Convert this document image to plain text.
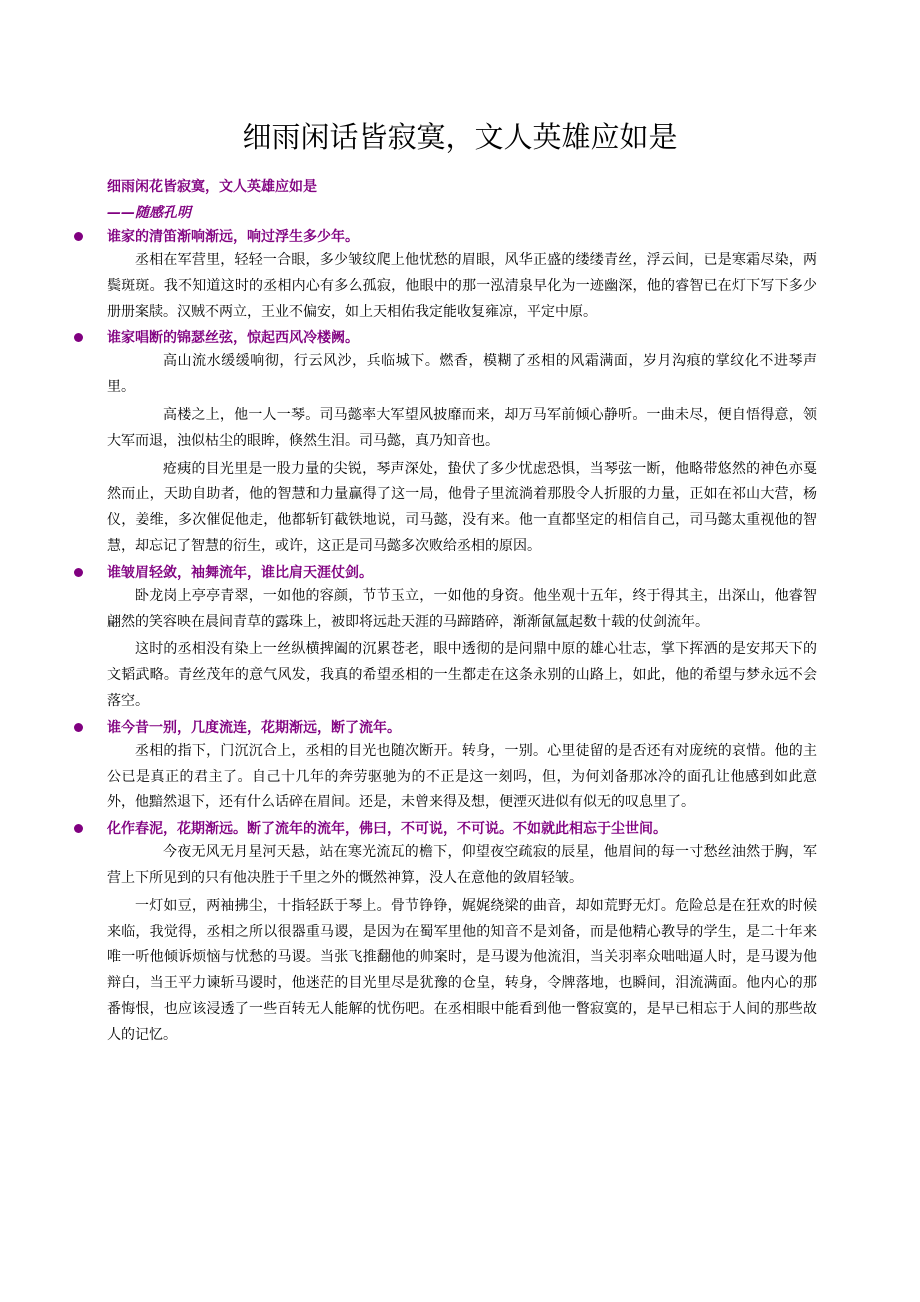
细雨闲话皆寂寞，文人英雄应如是
细雨闲花皆寂寞，文人英雄应如是
——随感孔明
谁家的清笛渐响渐远，响过浮生多少年。

丞相在军营里，轻轻一合眼，多少皱纹爬上他忧愁的眉眼，风华正盛的缕缕青丝，浮云间，已是寒霜尽染，两鬓斑斑。我不知道这时的丞相内心有多么孤寂，他眼中的那一泓清泉早化为一迹幽深，他的睿智已在灯下写下多少册册案牍。汉贼不两立，王业不偏安，如上天相佑我定能收复雍凉，平定中原。

谁家唱断的锦瑟丝弦，惊起西风冷楼阙。

高山流水缓缓响彻，行云风沙，兵临城下。燃香，模糊了丞相的风霜满面，岁月沟痕的掌纹化不进琴声里。

高楼之上，他一人一琴。司马懿率大军望风披靡而来，却万马军前倾心静听。一曲未尽，便自悟得意，领大军而退，浊似枯尘的眼眸，倏然生泪。司马懿，真乃知音也。

疮痍的目光里是一股力量的尖锐，琴声深处，蛰伏了多少忧虑恐惧，当琴弦一断，他略带悠然的神色亦戛然而止，天助自助者，他的智慧和力量赢得了这一局，他骨子里流淌着那股令人折服的力量，正如在祁山大营，杨仪，姜维，多次催促他走，他都斩钉截铁地说，司马懿，没有来。他一直都坚定的相信自己，司马懿太重视他的智慧，却忘记了智慧的衍生，或许，这正是司马懿多次败给丞相的原因。

谁皱眉轻敛，袖舞流年，谁比肩天涯仗剑。

卧龙岗上亭亭青翠，一如他的容颜，节节玉立，一如他的身资。他坐观十五年，终于得其主，出深山，他睿智翩然的笑容映在晨间青草的露珠上，被即将远赴天涯的马蹄踏碎，渐渐氤氲起数十载的仗剑流年。

这时的丞相没有染上一丝纵横捭阖的沉累苍老，眼中透彻的是问鼎中原的雄心壮志，掌下挥洒的是安邦天下的文韬武略。青丝茂年的意气风发，我真的希望丞相的一生都走在这条永别的山路上，如此，他的希望与梦永远不会落空。

谁今昔一别，几度流连，花期渐远，断了流年。

丞相的指下，门沉沉合上，丞相的目光也随次断开。转身，一别。心里徒留的是否还有对庞统的哀惜。他的主公已是真正的君主了。自己十几年的奔劳驱驰为的不正是这一刻吗，但，为何刘备那冰冷的面孔让他感到如此意外，他黯然退下，还有什么话碎在眉间。还是，未曾来得及想，便湮灭进似有似无的叹息里了。

化作春泥，花期渐远。断了流年的流年，佛曰，不可说，不可说。不如就此相忘于尘世间。

今夜无风无月星河天悬，站在寒光流瓦的檐下，仰望夜空疏寂的辰星，他眉间的每一寸愁丝油然于胸，军营上下所见到的只有他决胜于千里之外的慨然神算，没人在意他的敛眉轻皱。

一灯如豆，两袖拂尘，十指轻跃于琴上。骨节铮铮，娓娓绕梁的曲音，却如荒野无灯。危险总是在狂欢的时候来临，我觉得，丞相之所以很器重马谡，是因为在蜀军里他的知音不是刘备，而是他精心教导的学生，是二十年来唯一听他倾诉烦恼与忧愁的马谡。当张飞推翻他的帅案时，是马谡为他流泪，当关羽率众咄咄逼人时，是马谡为他辩白，当王平力谏斩马谡时，他迷茫的目光里尽是犹豫的仓皇，转身，令牌落地，也瞬间，泪流满面。他内心的那番悔恨，也应该浸透了一些百转无人能解的忧伤吧。在丞相眼中能看到他一瞥寂寞的，是早已相忘于人间的那些故人的记忆。
